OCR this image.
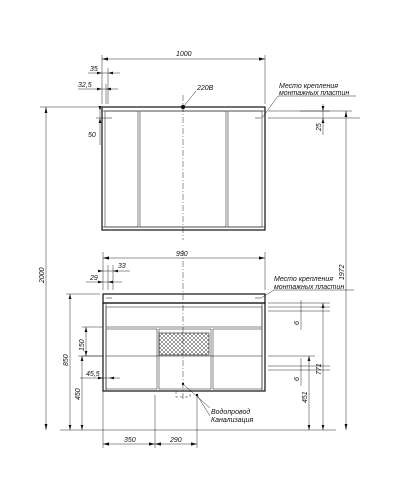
220В
1000
35
32,5
50
Место крепления
монтажных пластин
25
990
29
33
Место крепления
монтажных пластин
6
6
771
451
150
45,5
850
450
350	290
Водопровод
Канализация
2000	1972
